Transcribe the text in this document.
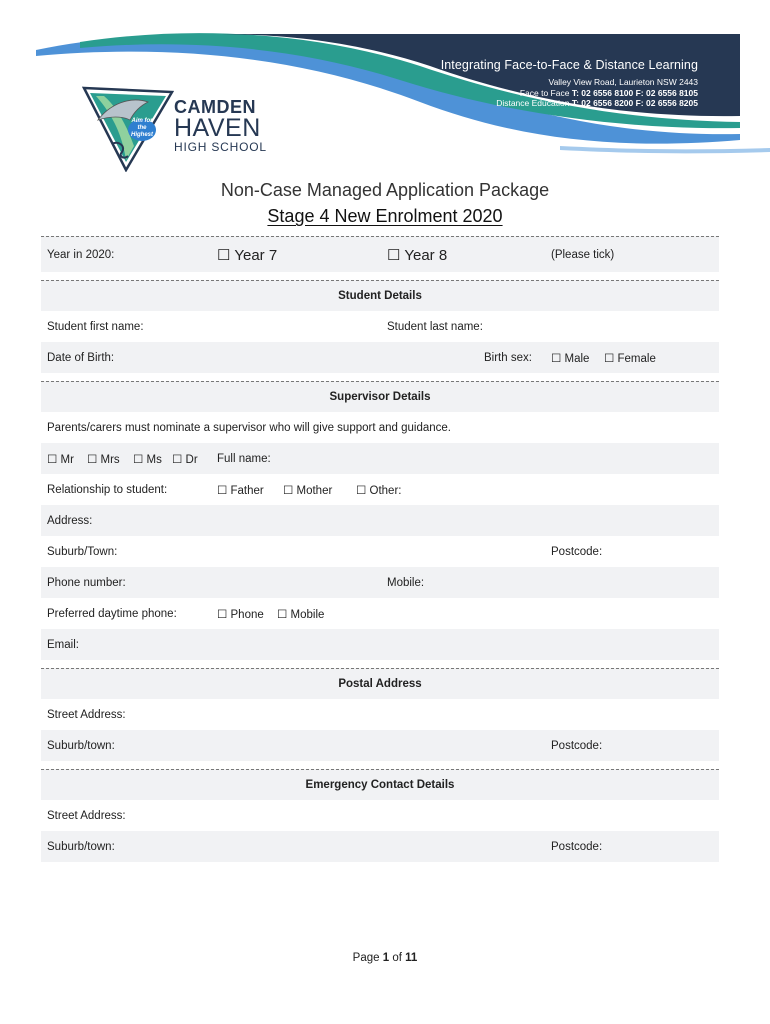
Integrating Face-to-Face & Distance Learning
Valley View Road, Laurieton NSW 2443
Face to Face T: 02 6556 8100 F: 02 6556 8105
Distance Education T: 02 6556 8200 F: 02 6556 8205
Aim for
the
Highest
CAMDEN
HAVEN
HIGH SCHOOL
Non-Case Managed Application Package
Stage 4 New Enrolment 2020
Year in 2020:	☐ Year 7	☐ Year 8	(Please tick)
Student Details
Student first name:	Student last name:
Date of Birth:	Birth sex: ☐ Male ☐ Female
Supervisor Details
Parents/carers must nominate a supervisor who will give support and guidance.
☐ Mr ☐ Mrs ☐ Ms ☐ Dr Full name:
Relationship to student:	☐ Father ☐ Mother ☐ Other:
Address:
Suburb/Town:	Postcode:
Phone number:	Mobile:
Preferred daytime phone:	☐ Phone ☐ Mobile
Email:
Postal Address
Street Address:
Suburb/town:	Postcode:
Emergency Contact Details
Street Address:
Suburb/town:	Postcode:
Page 1 of 11
